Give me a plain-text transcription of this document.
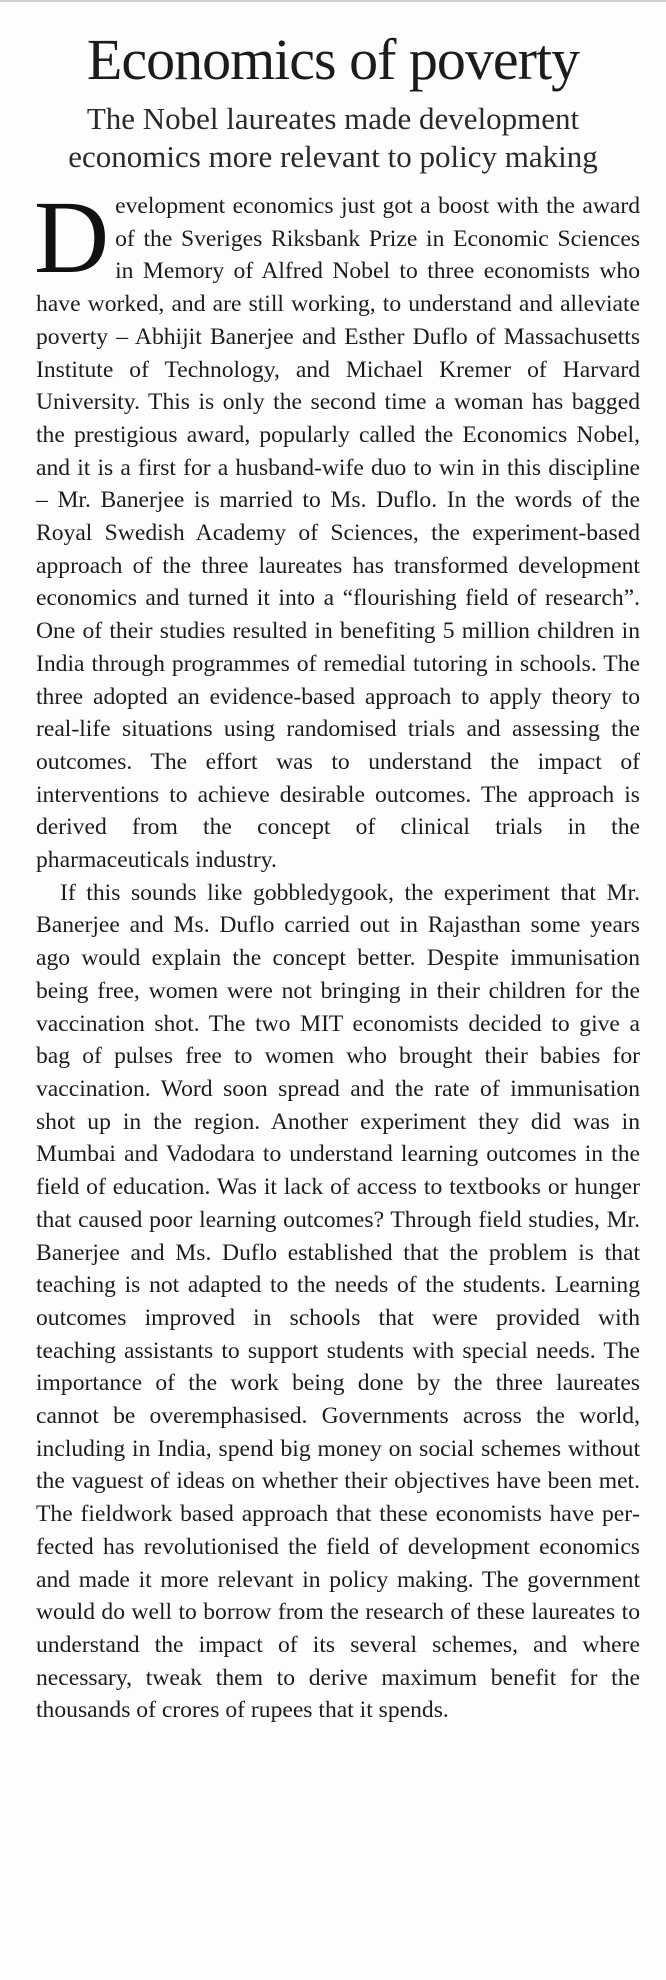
Economics of poverty
The Nobel laureates made development
economics more relevant to policy making

D evelopment economics just got a boost with the award of the Sveriges Riksbank Prize in Economic Sciences in Memory of Alfred Nobel to three economists who have worked, and are still working, to understand and alleviate poverty – Abhijit Banerjee and Esther Duflo of Massachusetts Institute of Technology, and Michael Kremer of Harvard University. This is only the second time a woman has bagged the prestigious award, popularly called the Economics Nobel, and it is a first for a husband-wife duo to win in this discipline – Mr. Banerjee is married to Ms. Duflo. In the words of the Royal Swedish Academy of Sciences, the experiment-based approach of the three laureates has transformed development economics and turned it into a “flourishing field of research”. One of their studies resulted in benefiting 5 million children in India through programmes of remedial tutoring in schools. The three adopted an evidence-based approach to apply theory to real-life situations using randomised trials and assessing the outcomes. The effort was to understand the impact of interventions to achieve desirable outcomes. The approach is derived from the concept of clinical trials in the pharmaceuticals industry.

If this sounds like gobbledygook, the experiment that Mr. Banerjee and Ms. Duflo carried out in Rajasthan some years ago would explain the concept better. Despite immunisation being free, women were not bringing in their children for the vaccination shot. The two MIT economists decided to give a bag of pulses free to women who brought their babies for vaccination. Word soon spread and the rate of immunisation shot up in the region. Another experiment they did was in Mumbai and Vadodara to understand learning outcomes in the field of education. Was it lack of access to textbooks or hunger that caused poor learning outcomes? Through field studies, Mr. Banerjee and Ms. Duflo established that the problem is that teaching is not adapted to the needs of the students. Learning outcomes improved in schools that were provided with teaching assistants to support students with special needs. The importance of the work being done by the three laureates cannot be overemphasised. Governments across the world, including in India, spend big money on social schemes without the vaguest of ideas on whether their objectives have been met. The fieldwork based approach that these economists have perfected has revolutionised the field of development economics and made it more relevant in policy making. The government would do well to borrow from the research of these laureates to understand the impact of its several schemes, and where necessary, tweak them to derive maximum benefit for the thousands of crores of rupees that it spends.
